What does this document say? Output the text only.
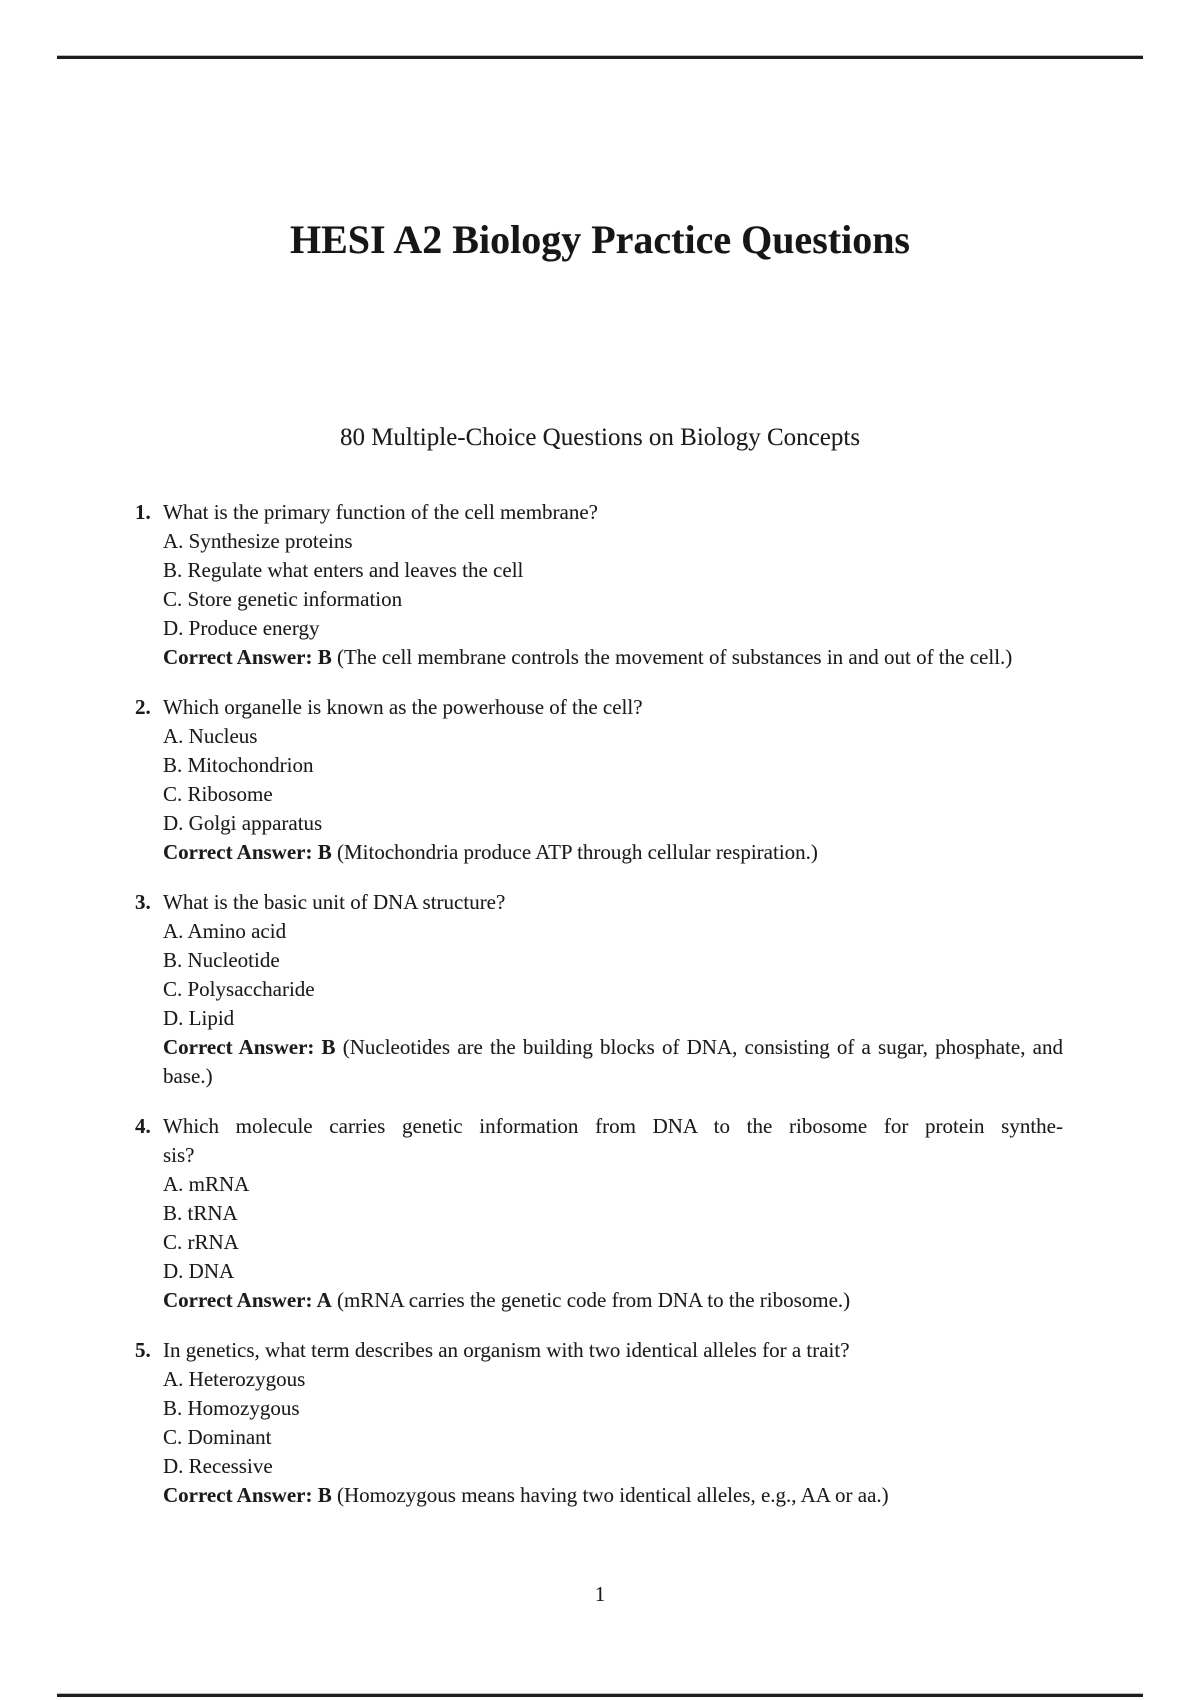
HESI A2 Biology Practice Questions
80 Multiple-Choice Questions on Biology Concepts
1. What is the primary function of the cell membrane?
A. Synthesize proteins
B. Regulate what enters and leaves the cell
C. Store genetic information
D. Produce energy
Correct Answer: B (The cell membrane controls the movement of substances in and out of the cell.)
2. Which organelle is known as the powerhouse of the cell?
A. Nucleus
B. Mitochondrion
C. Ribosome
D. Golgi apparatus
Correct Answer: B (Mitochondria produce ATP through cellular respiration.)
3. What is the basic unit of DNA structure?
A. Amino acid
B. Nucleotide
C. Polysaccharide
D. Lipid
Correct Answer: B (Nucleotides are the building blocks of DNA, consisting of a sugar, phosphate, and base.)
4. Which molecule carries genetic information from DNA to the ribosome for protein synthe-
sis?
A. mRNA
B. tRNA
C. rRNA
D. DNA
Correct Answer: A (mRNA carries the genetic code from DNA to the ribosome.)
5. In genetics, what term describes an organism with two identical alleles for a trait?
A. Heterozygous
B. Homozygous
C. Dominant
D. Recessive
Correct Answer: B (Homozygous means having two identical alleles, e.g., AA or aa.)
1
